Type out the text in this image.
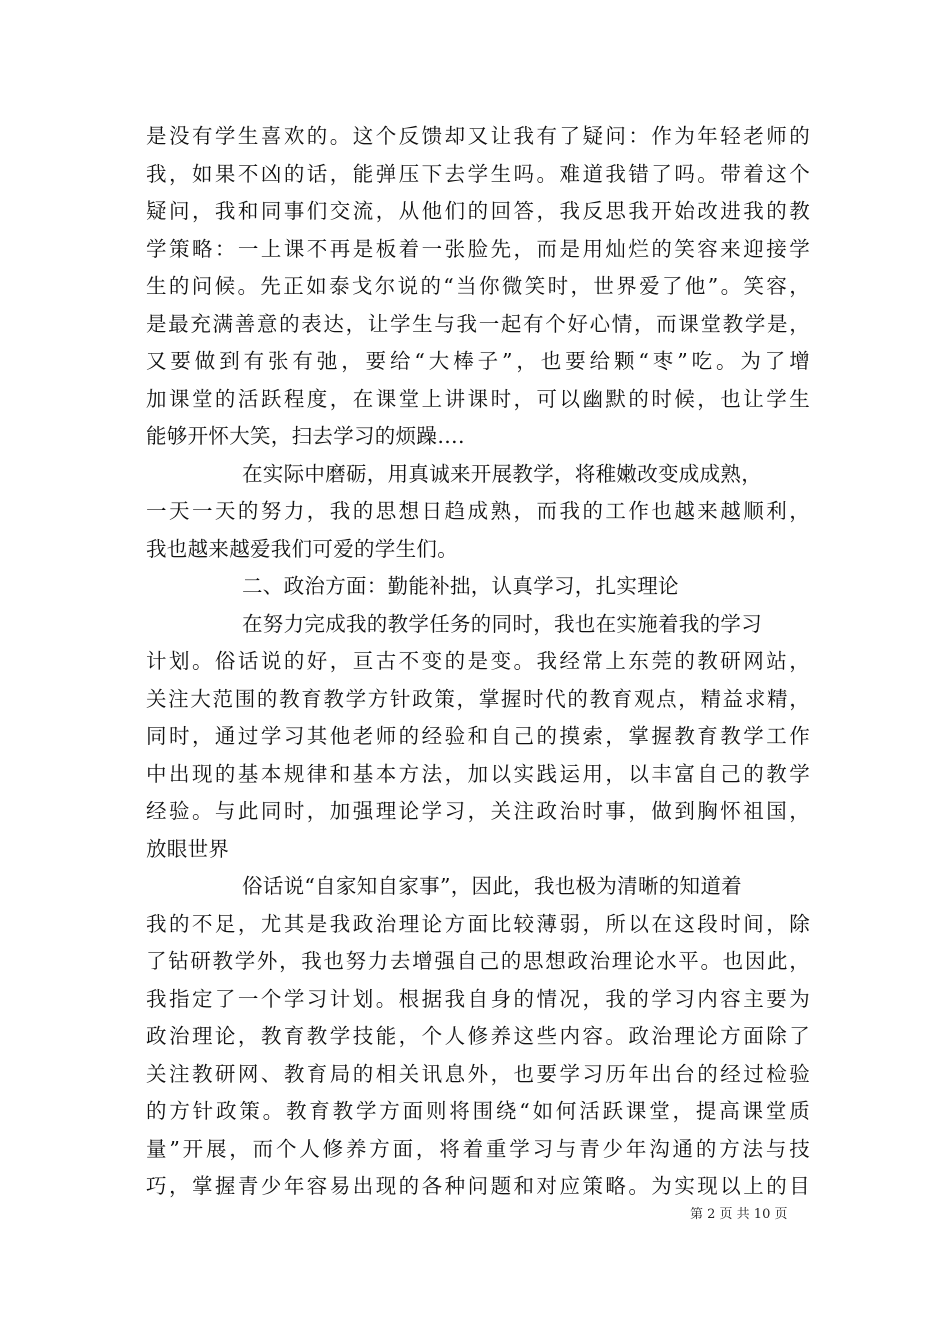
是没有学生喜欢的。这个反馈却又让我有了疑问：作为年轻老师的
我，如果不凶的话，能弹压下去学生吗。难道我错了吗。带着这个
疑问，我和同事们交流，从他们的回答，我反思我开始改进我的教
学策略：一上课不再是板着一张脸先，而是用灿烂的笑容来迎接学
生的问候。先正如泰戈尔说的“当你微笑时，世界爱了他”。笑容，
是最充满善意的表达，让学生与我一起有个好心情，而课堂教学是，
又要做到有张有弛，要给“大棒子”，也要给颗“枣”吃。为了增
加课堂的活跃程度，在课堂上讲课时，可以幽默的时候，也让学生
能够开怀大笑，扫去学习的烦躁….
在实际中磨砺，用真诚来开展教学，将稚嫩改变成成熟，
一天一天的努力，我的思想日趋成熟，而我的工作也越来越顺利，
我也越来越爱我们可爱的学生们。
二、政治方面：勤能补拙，认真学习，扎实理论
在努力完成我的教学任务的同时，我也在实施着我的学习
计划。俗话说的好，亘古不变的是变。我经常上东莞的教研网站，
关注大范围的教育教学方针政策，掌握时代的教育观点，精益求精，
同时，通过学习其他老师的经验和自己的摸索，掌握教育教学工作
中出现的基本规律和基本方法，加以实践运用，以丰富自己的教学
经验。与此同时，加强理论学习，关注政治时事，做到胸怀祖国，
放眼世界
俗话说“自家知自家事”，因此，我也极为清晰的知道着
我的不足，尤其是我政治理论方面比较薄弱，所以在这段时间，除
了钻研教学外，我也努力去增强自己的思想政治理论水平。也因此，
我指定了一个学习计划。根据我自身的情况，我的学习内容主要为
政治理论，教育教学技能，个人修养这些内容。政治理论方面除了
关注教研网、教育局的相关讯息外，也要学习历年出台的经过检验
的方针政策。教育教学方面则将围绕“如何活跃课堂，提高课堂质
量”开展，而个人修养方面，将着重学习与青少年沟通的方法与技
巧，掌握青少年容易出现的各种问题和对应策略。为实现以上的目
第 2 页 共 10 页
